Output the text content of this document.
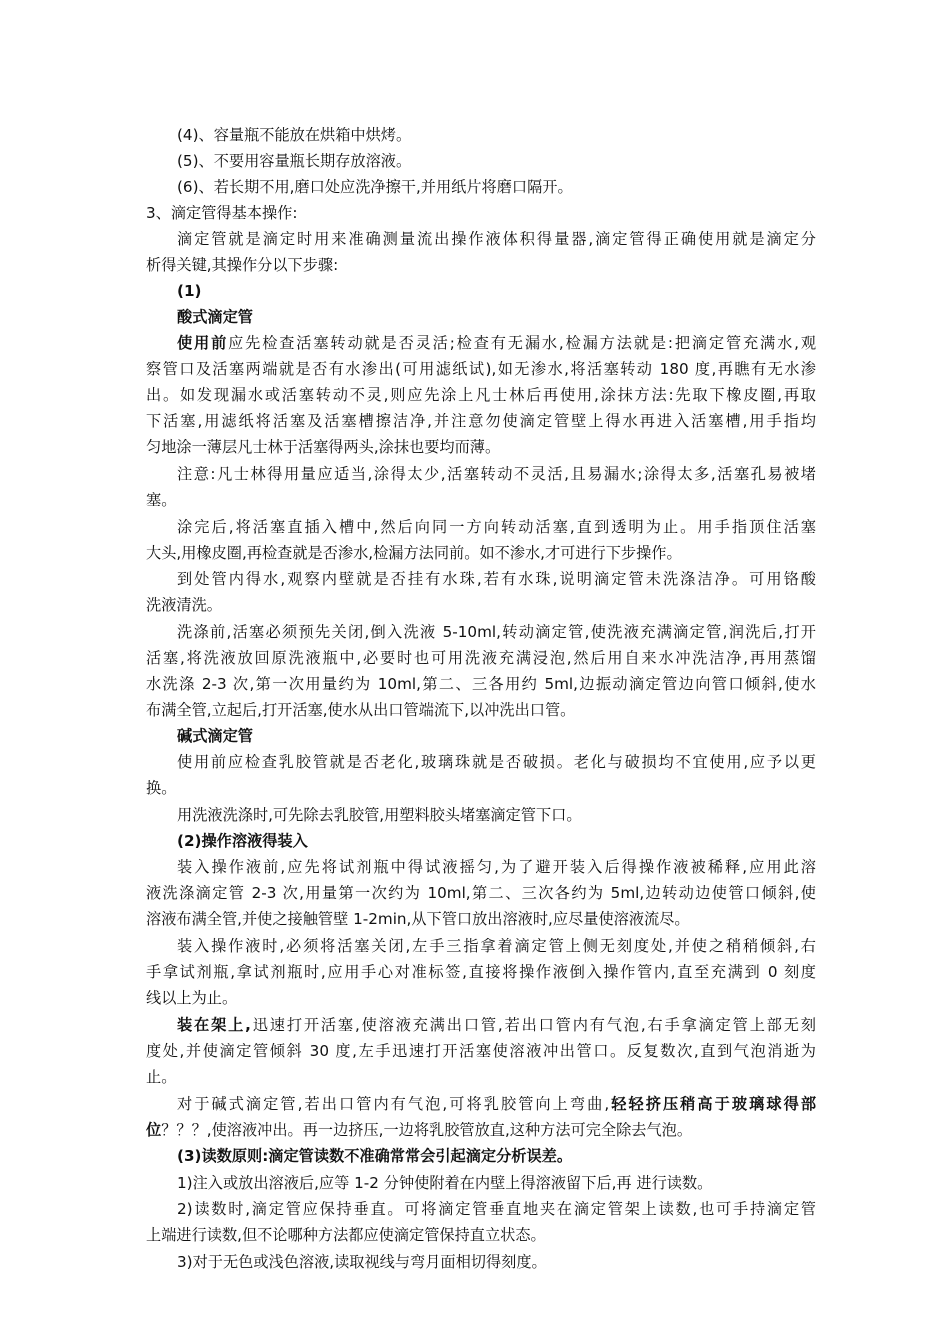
(4)、容量瓶不能放在烘箱中烘烤。
(5)、不要用容量瓶长期存放溶液。
(6)、若长期不用,磨口处应洗净擦干,并用纸片将磨口隔开。
3、滴定管得基本操作:
滴定管就是滴定时用来准确测量流出操作液体积得量器,滴定管得正确使用就是滴定分
析得关键,其操作分以下步骤:
(1)
酸式滴定管
使用前应先检查活塞转动就是否灵活;检查有无漏水,检漏方法就是:把滴定管充满水,观
察管口及活塞两端就是否有水渗出(可用滤纸试),如无渗水,将活塞转动 180 度,再瞧有无水渗
出。如发现漏水或活塞转动不灵,则应先涂上凡士林后再使用,涂抹方法:先取下橡皮圈,再取
下活塞,用滤纸将活塞及活塞槽擦洁净,并注意勿使滴定管壁上得水再进入活塞槽,用手指均
匀地涂一薄层凡士林于活塞得两头,涂抹也要均而薄。
注意:凡士林得用量应适当,涂得太少,活塞转动不灵活,且易漏水;涂得太多,活塞孔易被堵
塞。
涂完后,将活塞直插入槽中,然后向同一方向转动活塞,直到透明为止。用手指顶住活塞
大头,用橡皮圈,再检查就是否渗水,检漏方法同前。如不渗水,才可进行下步操作。
到处管内得水,观察内壁就是否挂有水珠,若有水珠,说明滴定管未洗涤洁净。可用铬酸
洗液清洗。
洗涤前,活塞必须预先关闭,倒入洗液 5-10ml,转动滴定管,使洗液充满滴定管,润洗后,打开
活塞,将洗液放回原洗液瓶中,必要时也可用洗液充满浸泡,然后用自来水冲洗洁净,再用蒸馏
水洗涤 2-3 次,第一次用量约为 10ml,第二、三各用约 5ml,边振动滴定管边向管口倾斜,使水
布满全管,立起后,打开活塞,使水从出口管端流下,以冲洗出口管。
碱式滴定管
使用前应检查乳胶管就是否老化,玻璃珠就是否破损。老化与破损均不宜使用,应予以更
换。
用洗液洗涤时,可先除去乳胶管,用塑料胶头堵塞滴定管下口。
(2)操作溶液得装入
装入操作液前,应先将试剂瓶中得试液摇匀,为了避开装入后得操作液被稀释,应用此溶
液洗涤滴定管 2-3 次,用量第一次约为 10ml,第二、三次各约为 5ml,边转动边使管口倾斜,使
溶液布满全管,并使之接触管壁 1-2min,从下管口放出溶液时,应尽量使溶液流尽。
装入操作液时,必须将活塞关闭,左手三指拿着滴定管上侧无刻度处,并使之稍稍倾斜,右
手拿试剂瓶,拿试剂瓶时,应用手心对准标签,直接将操作液倒入操作管内,直至充满到 0 刻度
线以上为止。
装在架上,迅速打开活塞,使溶液充满出口管,若出口管内有气泡,右手拿滴定管上部无刻
度处,并使滴定管倾斜 30 度,左手迅速打开活塞使溶液冲出管口。反复数次,直到气泡消逝为
止。
对于碱式滴定管,若出口管内有气泡,可将乳胶管向上弯曲,轻轻挤压稍高于玻璃球得部
位？？？,使溶液冲出。再一边挤压,一边将乳胶管放直,这种方法可完全除去气泡。
(3)读数原则:滴定管读数不准确常常会引起滴定分析误差。
1)注入或放出溶液后,应等 1-2 分钟使附着在内壁上得溶液留下后,再 进行读数。
2)读数时,滴定管应保持垂直。可将滴定管垂直地夹在滴定管架上读数,也可手持滴定管
上端进行读数,但不论哪种方法都应使滴定管保持直立状态。
3)对于无色或浅色溶液,读取视线与弯月面相切得刻度。
